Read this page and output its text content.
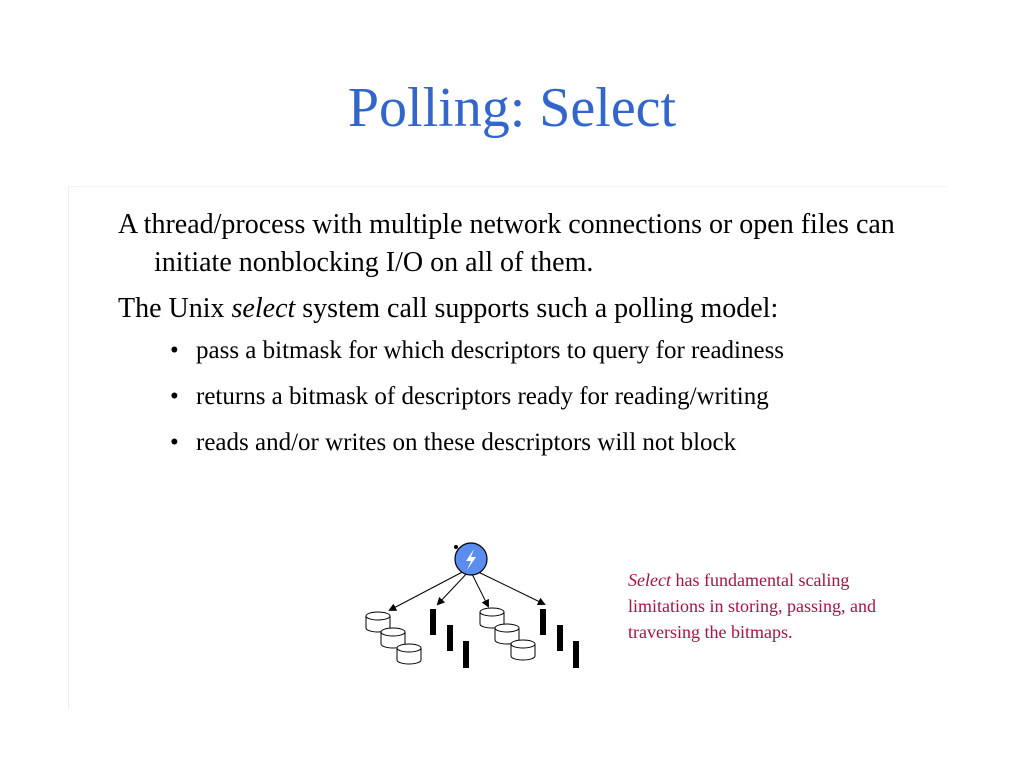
Polling: Select

A thread/process with multiple network connections or open files can initiate nonblocking I/O on all of them.

The Unix select system call supports such a polling model:

• pass a bitmask for which descriptors to query for readiness
• returns a bitmask of descriptors ready for reading/writing
• reads and/or writes on these descriptors will not block
Select has fundamental scaling limitations in storing, passing, and traversing the bitmaps.
